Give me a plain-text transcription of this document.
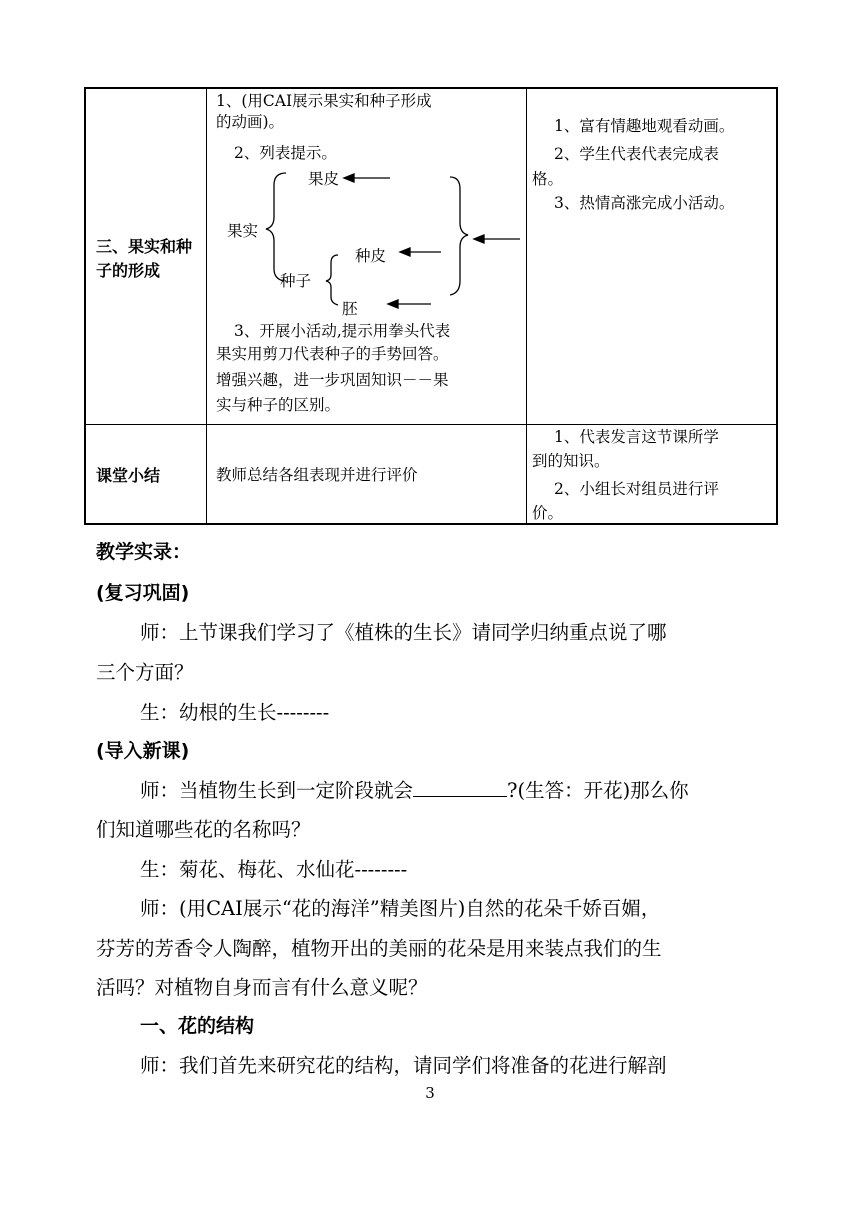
三、果实和种子的形成
1、(用CAI展示果实和种子形成
的动画)。
2、列表提示。
果皮
果实
种皮
种子
胚
3、开展小活动,提示用拳头代表
果实用剪刀代表种子的手势回答。
增强兴趣，进一步巩固知识－－果
实与种子的区别。
1、富有情趣地观看动画。
2、学生代表代表完成表
格。
3、热情高涨完成小活动。
课堂小结	教师总结各组表现并进行评价
1、代表发言这节课所学
到的知识。
2、小组长对组员进行评
价。
教学实录：
(复习巩固)
师：上节课我们学习了《植株的生长》请同学归纳重点说了哪
三个方面？
生：幼根的生长--------
(导入新课)
师：当植物生长到一定阶段就会	?(生答：开花)那么你
们知道哪些花的名称吗？
生：菊花、梅花、水仙花--------
师：(用CAI展示“花的海洋”精美图片)自然的花朵千娇百媚，
芬芳的芳香令人陶醉，植物开出的美丽的花朵是用来装点我们的生
活吗？对植物自身而言有什么意义呢？
一、花的结构
师：我们首先来研究花的结构，请同学们将准备的花进行解剖
3
